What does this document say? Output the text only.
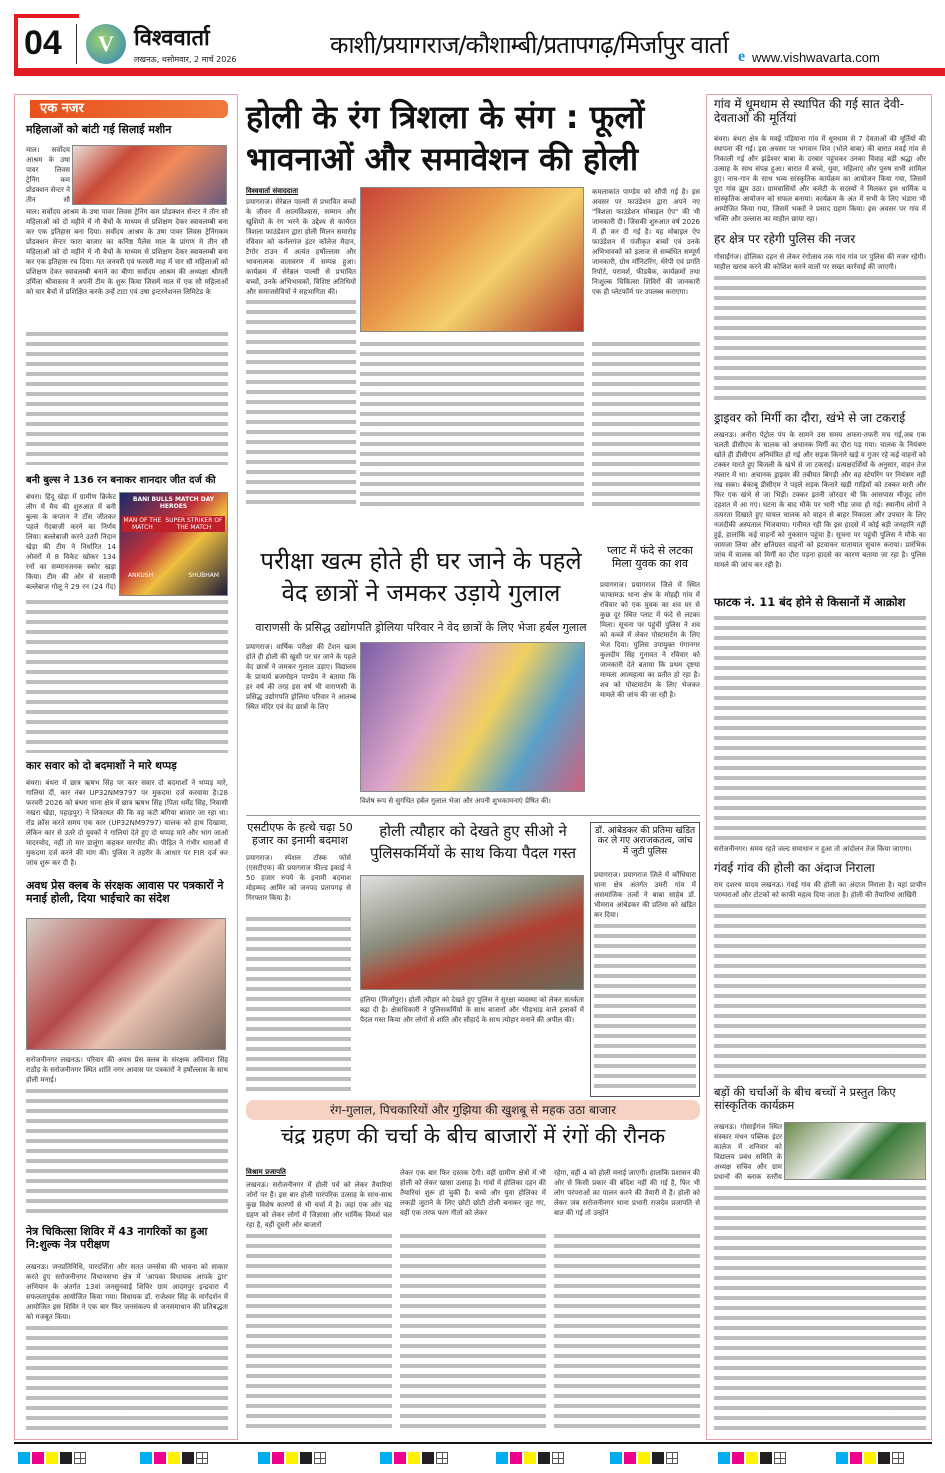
04	V विश्ववार्ता
लखनऊ, थसोमवार, 2 मार्च 2026
काशी/प्रयागराज/कौशाम्बी/प्रतापगढ़/मिर्जापुर वार्ता e www.vishwavarta.com
एक नजर
महिलाओं को बांटी गई सिलाई मशीन
माल। सर्वोदय आश्रम के उषा पावर लिवस ट्रेनिंग कम प्रोडक्शन सेन्टर ने तीन सौ
माल। सर्वोदय आश्रम के उषा पावर लिवस ट्रेनिंग कम प्रोडक्शन सेन्टर ने तीन सौ महिलाओं को दो महीने में नौ बैचों के माध्यम से प्रशिक्षण देकर स्वावलम्बी बना कर एक इतिहास बना दिया। सर्वोदय आश्रम के उषा पावर लिवस ट्रेनिंगकम प्रोडक्शन सेन्टर फारा बाजार का कनिष्ठ पैलेस माल के प्रांगण मे तीन सौ महिलाओं को दो महीने मे नौ बैचों के माध्यम से प्रशिक्षण देकर स्वावलम्बी बना कर एक इतिहास रच दिया। गत जनवरी एवं फरवरी माह में चार सौ महिलाओं को प्रशिक्षण देकर स्वावलम्बी बनाने का बीणा सर्वोदय आश्रम की अध्यक्षा श्रीमती उर्मिला श्रीवास्तव ने अपनी टीम के शुरू किया जिसमें माल में एक सौ महिलाओं को चार बैचों में प्रशिक्षित करके उन्हें टाटा एवं उषा इन्टरनेशनल लिमिटेड के
बनी बुल्स ने 136 रन बनाकर शानदार जीत दर्ज की
बंथरा। हिंदू खेड़ा में ग्रामीण क्रिकेट लीग में मैच की शुरुआत में बनी बुल्स के कप्तान ने टॉस जीतकर पहले गेंदबाजी करने का निर्णय लिया। बल्लेबाजी करने उतरी निदान खेड़ा की टीम ने निर्धारित 14 ओवरों में 8 विकेट खोकर 134 रनों का सम्मानजनक स्कोर खड़ा किया। टीम की ओर से सलामी बल्लेबाज गोलू ने 29 रन (24 गेंद)
BANI BULLS MATCH DAY HEROES
MAN OF THE MATCH
SUPER STRIKER OF THE MATCH
ANKUSH	SHUBHAM
कार सवार को दो बदमाशों ने मारे थप्पड़
बंथरा। बंथरा में छात्र ऋषभ सिंह पर कार सवार दो बदमाशों ने थप्पड़ मारे, गालियां दीं, कार नंबर UP32NM9797 पर मुकदमा दर्ज करवाया है।28 फरवरी 2026 को बंथरा थाना क्षेत्र में छात्र ऋषभ सिंह (पिता धर्मेंद्र सिंह, निवासी नखरा खेड़ा, पहाड़पुर) ने शिकायत की कि वह कटी बगिया बाजार जा रहा था। रोड क्रॉस करते समय एक कार (UP32NM9797) चालक को हाथ दिखाया, लेकिन कार से उतरे दो युवकों ने गालियां देते हुए दो थप्पड़ मारे और भाग जाओ मादरचोद, नहीं तो मार डालूंगा कहकर मारपीट की। पीड़ित ने गंभीर धाराओं में मुकदमा दर्ज करने की मांग की। पुलिस ने तहरीर के आधार पर FIR दर्ज कर जांच शुरू कर दी है।
अवध प्रेस क्लब के संरक्षक आवास पर पत्रकारों ने मनाई होली, दिया भाईचारे का संदेश
सरोजनीनगर लखनऊ। परिवार की अवध प्रेस क्लब के संरक्षक अविनाश सिंह राठौड़ के सरोजनीनगर स्थित शांति नगर आवास पर पत्रकारों ने हर्षोल्लास के साथ होली मनाई।
नेत्र चिकित्सा शिविर में 43 नागरिकों का हुआ नि:शुल्क नेत्र परीक्षण
लखनऊ। जनप्रतिनिधि, पारदर्शिता और सतत जनसेवा की भावना को साकार करते हुए सरोजनीनगर विधानसभा क्षेत्र में 'आपका विधायक आपके द्वार' अभियान के अंतर्गत 13वां जनसुनवाई शिविर ग्राम आदमपुर इन्द्रवारा में सफलतापूर्वक आयोजित किया गया। विधायक डॉ. राजेश्वर सिंह के मार्गदर्शन में आयोजित इस शिविर ने एक बार फिर जनसंकल्प से जनसमाधान की प्रतिबद्धता को मजबूत किया।
होली के रंग त्रिशला के संग : फूलों भावनाओं और समावेशन की होली
विश्ववार्ता संवाददाता
प्रयागराज। सेरेब्रल पाल्सी से प्रभावित बच्चों के जीवन में आत्मविश्वास, सम्मान और खुशियों के रंग भरने के उद्देश्य से कार्यरत त्रिशला फाउंडेशन द्वारा होली मिलन समारोह रविवार को कर्नलगंज इंटर कॉलेज मैदान, टैगोर टाउन में अत्यंत हर्षोल्लास और भावनात्मक वातावरण में सम्पन्न हुआ। कार्यक्रम में सेरेब्रल पाल्सी से प्रभावित बच्चों, उनके अभिभावकों, विशिष्ट अतिथियों और समाजसेवियों ने सहभागिता की।
कमलाकांत पाण्डेय को सौंपी गई है। इस अवसर पर फाउंडेशन द्वारा अपने नए "त्रिशला फाउंडेशन मोबाइल ऐप" की भी जानकारी दी। जिसकी शुरुआत वर्ष 2026 में ही कर दी गई है। यह मोबाइल ऐप फाउंडेशन में पंजीकृत बच्चों एवं उनके अभिभावकों को इलाज से सम्बंधित सम्पूर्ण जानकारी, ग्रोथ मॉनिटरिंग, थेरेपी एवं प्रगति रिपोर्ट, परामर्श, फीडबैक, कार्यक्रमों तथा निःशुल्क चिकित्सा शिविरों की जानकारी एक ही प्लेटफॉर्म पर उपलब्ध कराएगा।
परीक्षा खत्म होते ही घर जाने के पहले वेद छात्रों ने जमकर उड़ाये गुलाल
वाराणसी के प्रसिद्ध उद्योगपति ड्रोलिया परिवार ने वेद छात्रों के लिए भेजा हर्बल गुलाल
प्रयागराज। वार्षिक परीक्षा की टेंशन खत्म होते ही होली की खुशी पर घर जाने के पहले वेद छात्रों ने जमकर गुलाल उड़ाए। विद्यालय के प्राचार्य ब्रजमोहन पाण्डेय ने बताया कि हर वर्ष की तरह इस वर्ष भी वाराणसी के प्रसिद्ध उद्योगपति ड्रोलिया परिवार ने आलम्ब स्थित मंदिर एवं वेद छात्रों के लिए
विशेष रूप से सुगंधित हर्बल गुलाल भेजा और अपनी शुभकामनाएं प्रेषित की।
प्लाट में फंदे से लटका मिला युवक का शव
प्रयागराज। प्रयागराज जिले में स्थित फाफामऊ थाना क्षेत्र के मोहद्दी गांव में रविवार को एक युवक का शव घर से कुछ दूर स्थित प्लाट में फंदे से लटका मिला। सूचना पर पहुंची पुलिस ने शव को कब्जे में लेकर पोस्टमार्टम के लिए भेज दिया। पुलिस उपायुक्त गंगानगर कुलदीप सिंह गुनावत ने रविवार को जानकारी देते बताया कि प्रथम दृष्टया मामला आत्महत्या का प्रतीत हो रहा है। शव को पोस्टमार्टम के लिए भेजकर मामले की जांच की जा रही है।
एसटीएफ के हत्थे चढ़ा 50 हजार का इनामी बदमाश
प्रयागराज। स्पेशल टॉस्क फोर्स (एसटीएफ) की प्रयागराज फील्ड इकाई ने 50 हजार रुपये के इनामी बदमाश मोहम्मद आमिर को जनपद प्रतापगढ़ से गिरफ्तार किया है।
होली त्यौहार को देखते हुए सीओ ने पुलिसकर्मियों के साथ किया पैदल गस्त
हलिया (मिर्जापुर)। होली त्यौहार को देखते हुए पुलिस ने सुरक्षा व्यवस्था को लेकर सतर्कता बढ़ा दी है। क्षेत्राधिकारी ने पुलिसकर्मियों के साथ बाजारों और भीड़भाड़ वाले इलाकों में पैदल गस्त किया और लोगों से शांति और सौहार्द के साथ त्योहार मनाने की अपील की।
डॉ. आंबेडकर की प्रतिमा खंडित कर ले गए अराजकतत्व, जांच में जुटी पुलिस
प्रयागराज। प्रयागराज जिले में कौंधियारा थाना क्षेत्र अंतर्गत उमरी गांव में असमाजिक तत्वों ने बाबा साहेब डॉ. भीमराव आंबेडकर की प्रतिमा को खंडित कर दिया।
रंग-गुलाल, पिचकारियों और गुझिया की खुशबू से महक उठा बाजार
चंद्र ग्रहण की चर्चा के बीच बाजारों में रंगों की रौनक
विश्राम प्रजापति
लखनऊ। सरोजनीनगर में होली पर्व को लेकर तैयारियां जोरों पर हैं। इस बार होली पारंपरिक उत्साह के साथ-साथ कुछ विशेष कारणों से भी चर्चा में है। जहां एक ओर चंद्र ग्रहण को लेकर लोगों में जिज्ञासा और धार्मिक विमर्श चल रहा है, वहीं दूसरी ओर बाजारों
लेकर एक बार फिर दस्तक देगी। वहीं ग्रामीण क्षेत्रों में भी होली को लेकर खासा उत्साह है। गांवों में होलिका दहन की तैयारियां शुरू हो चुकी हैं। बच्चे और युवा होलिका में लकड़ी जुटाने के लिए छोटी छोटी टोली बनाकर जुट गए, वहीं एक तरफ फाग गीतों को लेकर
रहेगा, वहीं 4 को होली मनाई जाएगी। हालांकि प्रशासन की ओर से किसी प्रकार की बंदिश नहीं की गई है, फिर भी लोग परंपराओं का पालन करने की तैयारी में हैं। होली को लेकर जब सरोजनीनगर थाना प्रभारी राजदेव प्रजापति से बात की गई तो उन्होंने
गांव में धूमधाम से स्थापित की गई सात देवी-देवताओं की मूर्तियां
बंथरा। बंथरा क्षेत्र के मवई पड़ियाना गांव में धूमधाम से 7 देवताओं की मूर्तियों की स्थापना की गई। इस अवसर पर भगवान शिव (भोले बाबा) की बारात मवई गांव से निकाली गई और झंडेश्वर बाबा के दरबार पहुंचकर उनका विवाह बड़ी श्रद्धा और उत्साह के साथ संपन्न हुआ। बारात में बच्चे, युवा, महिलाएं और पुरुष सभी शामिल हुए। नाच-गान के साथ भव्य सांस्कृतिक कार्यक्रम का आयोजन किया गया, जिसमें पूरा गांव झूम उठा। ग्रामवासियों और कमेटी के सदस्यों ने मिलकर इस धार्मिक व सांस्कृतिक आयोजन को सफल बनाया। कार्यक्रम के अंत में सभी के लिए भंडारा भी आयोजित किया गया, जिसमें भक्तों ने प्रसाद ग्रहण किया। इस अवसर पर गांव में भक्ति और उल्लास का माहौल छाया रहा।
हर क्षेत्र पर रहेगी पुलिस की नजर
गोसाईंगंज। होलिका दहन से लेकर रंगोत्सव तक गांव गांव पर पुलिस की नजर रहेगी। माहौल खराब करने की कोशिश करने वालों पर सख्त कार्रवाई की जाएगी।
ड्राइवर को मिर्गी का दौरा, खंभे से जा टकराई
लखनऊ। अनौरा पेट्रोल पंप के सामने उस समय अफरा-तफरी मच गई,जब एक चलती डीसीएम के चालक को अचानक मिर्गी का दौरा पड़ गया। चालक के नियंत्रण खोते ही डीसीएम अनियंत्रित हो गई और सड़क किनारे खड़े व गुजर रहे कई वाहनों को टक्कर मारते हुए बिजली के खंभे से जा टकराई। प्रत्यक्षदर्शियों के अनुसार, वाहन तेज रफ्तार में था। अचानक ड्राइवर की तबीयत बिगड़ी और वह स्टेयरिंग पर नियंत्रण नहीं रख सका। बेकाबू डीसीएम ने पहले सड़क किनारे खड़ी गाड़ियों को टक्कर मारी और फिर एक खंभे से जा भिड़ी। टक्कर इतनी जोरदार थी कि आसपास मौजूद लोग दहशत में आ गए। घटना के बाद मौके पर भारी भीड़ जमा हो गई। स्थानीय लोगों ने तत्परता दिखाते हुए घायल चालक को वाहन से बाहर निकाला और उपचार के लिए नजदीकी अस्पताल भिजवाया। गनीमत रही कि इस हादसे में कोई बड़ी जनहानि नहीं हुई, हालांकि कई वाहनों को नुकसान पहुंचा है। सूचना पर पहुंची पुलिस ने मौके का जायजा लिया और क्षतिग्रस्त वाहनों को हटवाकर यातायात सुचारु कराया। प्रारंभिक जांच में चालक को मिर्गी का दौरा पड़ना हादसे का कारण बताया जा रहा है। पुलिस मामले की जांच कर रही है।
फाटक नं. 11 बंद होने से किसानों में आक्रोश
सरोजनीनगर। समय रहते जल्द समाधान न हुआ तो आंदोलन तेज किया जाएगा।
गंवई गांव की होली का अंदाज निराला
राम दशरथ यादव लखनऊ। गंवई गांव की होली का अंदाज निराला है। यहां प्राचीन परम्पराओं और टोटकों को काफी महत्व दिया जाता है। होली की तैयारियां आखिरी
बड़ों की चर्चाओं के बीच बच्चों ने प्रस्तुत किए सांस्कृतिक कार्यक्रम
लखनऊ। गोसाईंगंज स्थित संस्कार मंथन पब्लिक इंटर कालेज में शनिवार को विद्यालय प्रबंध समिति के अध्यक्ष सचिव और ग्राम प्रधानों की ब्लाक स्तरीय
